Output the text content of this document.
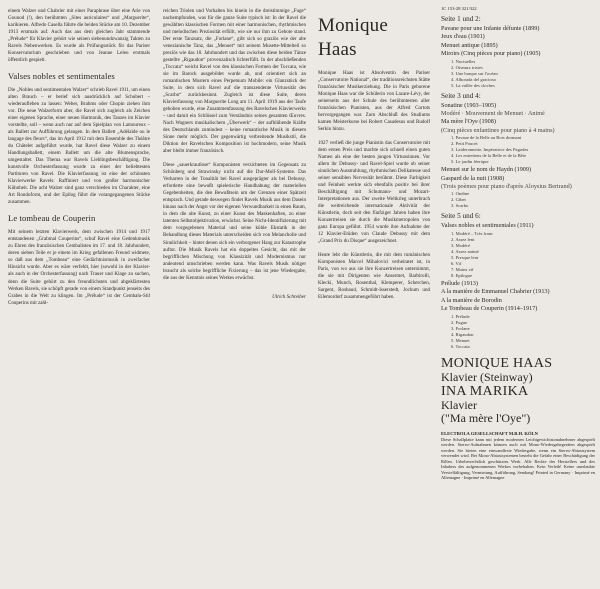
einem Walzer und Chabrier mit einer Paraphrase über eine Arie von Gounod (!), den berühmten „Sites auriculaires“ und „Marguerite“, karikieren. Alfredo Casella führte die beiden Stücke am 10. Dezember 1913 erstmals auf. Auch das aus dem gleichen Jahr stammende „Prélude“ für Klavier gehört wie seinen siebenundzwanzig Takten zu Ravels Nebenwerken. Es wurde als Prüfungsstück für das Pariser Konservatorium geschrieben und von Jeanne Leleu erstmals öffentlich gespielt.

Valses nobles et sentimentales

Die „Nobles und sentimentalen Walzer“ schrieb Ravel 1911, um einen alten Brauch – er berief sich ausdrücklich auf Schubert – wiederaufleben zu lassen: Weber, Brahms oder Chopin ziehen ihm vor. Die neue Walzerform aber, die Ravel sich zugleich als Zeichen einer eigenen Sprache, einer neuen Harmonik, des Tanzes im Klavier vorstellte, soll – wenn auch nur auf dem Spielplan von Lamoureux – als Ballett zur Aufführung gelangen. In dem Ballett „Adélaïde ou le langage des fleurs“, das im April 1912 mit dem Ensemble des Théâtre du Châtelet aufgeführt wurde, hat Ravel diese Walzer zu einem Handlungsballett, einem Ballett um die alte Blumensprache, umgestaltet. Das Thema war Ravels Lieblingsbeschäftigung. Die kunstvolle Orchesterfassung wurde zu einer der beliebtesten Partituren von Ravel. Die Klavierfassung ist eine der schönsten Klavierwerke Ravels: Raffiniert und von großer harmonischer Kühnheit. Die acht Walzer sind ganz verschieden im Charakter, eine Art Rondoform, und der Epilog führt die vorangegangenen Stücke zusammen.

Le tombeau de Couperin

Mit seinem letzten Klavierwerk, dem zwischen 1914 und 1917 entstandenen „Grabmal Couperins“, schuf Ravel eine Gedenkmusik zu Ehren des französischen Cembalisten im 17. und 18. Jahrhundert, deren sieben Teile er je einem im Krieg gefallenen Freund widmete, so daß aus dem „Tombeau“ eine Gedächtnismusik in zweifacher Hinsicht wurde. Aber es wäre verfehlt, hier (sowohl in der Klavier- als auch in der Orchesterfassung) nach Trauer und Klage zu suchen, denn die Suite gehört zu den freundlichsten und abgeklärtesten Werken Ravels, sie schöpft gerade von einem Standpunkt jenseits des Grabes in die Welt zu klingen. Im „Prélude“ ist der Cembalo-Stil Couperins mit zahl-

reichen Triolen und Vorhalten bis hinein in die dreistimmige „Fuge“ nachempfunden, was für die ganze Suite typisch ist: In der Ravel die gewählten klassischen Formen mit einer harmonischen, rhythmischen und melodischen Preziosität erfüllt, wie sie nur ihm zu Gebote stand. Der erste Tanzsatz, die „Forlane“, gibt sich so graziös wie der alte venezianische Tanz, das „Menuet“ mit seinem Musette-Mittelteil so preziös wie das 18. Jahrhundert und das zwischen diese beiden Tänze gestellte „Rigaudon“ provenzalisch lichterfüllt. In der abschließenden „Toccata“ weicht Ravel von den klassischen Formen der Toccata, wie sie im Barock ausgebildet wurde ab, und orientiert sich an romantischen Mustern eines Perpetuum Mobile: ein Glanzstück der Suite, in dem sich Ravel auf die transzendente Virtuosität des „Scarbo“ zurückbesinnt. Zugleich ist diese Suite, deren Klavierfassung von Marguerite Long am 11. April 1919 aus der Taufe gehoben wurde, eine Zusammenfassung des Ravelschen Klavierwerks – und damit ein Schlüssel zum Verständnis seines gesamten Œuvres. Nach Wagners musikalischem „Überwerk“ – der aufblühende Kräfte des Deutschlands zumindest – keine romantische Musik in diesem Sinne mehr möglich. Der gegenwärtig verbreitende Musikstil, die Diktion der Ravelschen Komposition ist hochmodern, seine Musik aber bleibt immer französisch.

Diese „sauerkrautlose“ Komponisten verzichteten im Gegensatz zu Schönberg und Strawinsky nicht auf die Dur-Moll-Systeme. Das Verharren in der Tonalität bei Ravel ausgeprägter als bei Debussy, erforderte eine bewußt spielerische Handhabung der materiellen Gegebenheiten, die den Bewußtsein um der Grenzen einer Spätzeit entsprach. Und gerade deswegen findet Ravels Musik aus dem Dasein hinaus nach der Angst vor der eigenen Verwundbarkeit in einen Raum, in dem die alte Kunst, zu einer Kunst des Maskenhaften, zu einer latenten Selbstobjektivation, erwächst. Seine Nicht-Identifizierung mit dem vorgegebenen Material und seine kühle Ekstatik in der Behandlung dieses Materials unterscheiden sich von Melancholie und Sinnlichkeit – hinter denen sich ein verborgener Hang zur Katastrophe auftut. Die Musik Ravels hat ein doppeltes Gesicht, das mit der begrifflichen Mischung von Klassizität und Modernismus nur andeutend umschrieben werden kann. Was Ravels Musik nötiger braucht als solche begriffliche Fixierung – das ist jene Wiedergabe, die aus der Kenntnis seines Werkes erwächst.

Ulrich Schreiber
Monique Haas

Monique Haas ist Absolventin des Pariser „Conservatoire National“, der traditionsreichsten Stätte französischer Musikerziehung. Die in Paris geborene Monique Haas war die Schülerin von Lazare-Lévy, der seinerseits aus der Schule des berühmtesten aller französischen Pianisten, aus der Alfred Cortots hervorgegangen war. Zum Abschluß des Studiums kamen Meisterkurse bei Robert Casadesus und Rudolf Serkin hinzu.

1927 verließ die junge Pianistin das Conservatoire mit dem ersten Preis und machte sich schnell einen guten Namen als eine der besten jungen Virtuosinnen. Vor allem ihr Debussy- und Ravel-Spiel wurde ob seiner sinnlichen Ausstrahlung, rhythmischen Delikatesse und seiner sensiblen Nervosität berühmt. Diese Farbigkeit und Feinheit werkte sich ebenfalls positiv bei ihrer Beschäftigung mit Schumann- und Mozart-Interpretationen aus. Der zweite Weltkrieg unterbrach die weitreichende internationale Aktivität der Künstlerin, doch seit den fünfziger Jahren haben ihre Konzertreisen sie durch die Musikmetropolen von ganz Europa geführt. 1954 wurde ihre Aufnahme der 12 Klavier-Etüden von Claude Debussy mit dem „Grand Prix du Disque“ ausgezeichnet.

Heute lebt die Künstlerin, die mit dem rumänischen Komponisten Marcel Mihalovici verheiratet ist, in Paris, von wo aus sie ihre Konzertreisen unternimmt, die sie mit Dirigenten wie Ansermet, Barbirolli, Klecki, Munch, Rosenthal, Klemperer, Scherchen, Sargent, Rosbaud, Schmidt-Isserstedt, Jochum und Eilemordorf zusammengeführt haben.

1C 153-28 321/322
Seite 1 und 2:
Pavane pour une Infante défunte (1899)
Jeux d'eau (1901)
Menuet antique (1895)
Miroirs (Cinq pièces pour piano) (1905)
1. Noctuelles
2. Oiseaux tristes
3. Une barque sur l'océan
4. Alborada del gracioso
5. La vallée des cloches
Seite 3 und 4:
Sonatine (1903–1905)
Modéré · Mouvement de Menuet · Animé
Ma mère l'Oye (1908)
(Cinq pièces enfantines pour piano à 4 mains)
1. Pavane de la Belle au Bois dormant
2. Petit Poucet
3. Laideronnette, Impératrice des Pagodes
4. Les entretiens de la Belle et de la Bête
5. Le jardin féerique
Menuet sur le nom de Haydn (1909)
Gaspard de la nuit (1908)
(Trois poèmes pour piano d'après Aloysius Bertrand)
1. Ondine
2. Gibet
3. Scarbo
Seite 5 und 6:
Valses nobles et sentimentales (1911)
1. Modéré – Très franc
2. Assez lent
3. Modéré
4. Assez animé
5. Presque lent
6. Vif
7. Moins vif
8. Epilogue
Prélude (1913)
A la manière de Emmanuel Chabrier (1913)
A la manière de Borodin
Le Tombeau de Couperin (1914–1917)
1. Prélude
2. Fugue
3. Forlane
4. Rigaudon
5. Menuet
6. Toccata
MONIQUE HAAS
Klavier (Steinway)
INA MARIKA
Klavier
("Ma mère l'Oye")
ELECTROLA GESELLSCHAFT M.B.H. KÖLN
Diese Schallplatte kann mit jedem modernen Leichtgewichtstonabnehmer abgespielt werden. Stereo-Aufnahmen können auch mit Mono-Wiedergabegeräten abgespielt werden. Sie bieten eine einwandfreie Wiedergabe, wenn ein Stereo-Abtastsystem verwendet wird. Bei Mono-Abtastsystemen besteht die Gefahr einer Beschädigung der Rillen. Urheberrechtlich geschütztes Werk. Alle Rechte des Herstellers und des Inhabers des aufgenommenen Werkes vorbehalten. Kein Verleih! Keine unerlaubte Vervielfältigung, Vermietung, Aufführung, Sendung! Printed in Germany · Imprimé en Allemagne · Imprimé en Allemagne
